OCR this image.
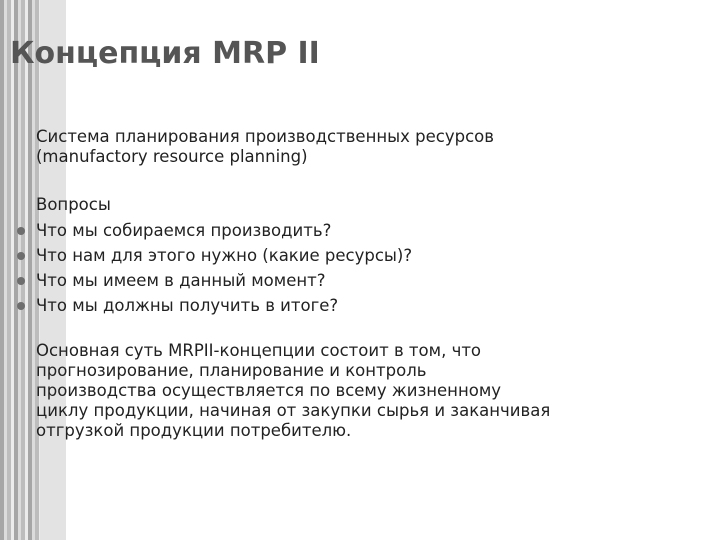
Концепция MRP II
Система планирования производственных ресурсов
(manufactory resource planning)
Вопросы
Что мы собираемся производить?
Что нам для этого нужно (какие ресурсы)?
Что мы имеем в данный момент?
Что мы должны получить в итоге?
Основная суть MRPII-концепции состоит в том, что
прогнозирование, планирование и контроль
производства осуществляется по всему жизненному
циклу продукции, начиная от закупки сырья и заканчивая
отгрузкой продукции потребителю.
